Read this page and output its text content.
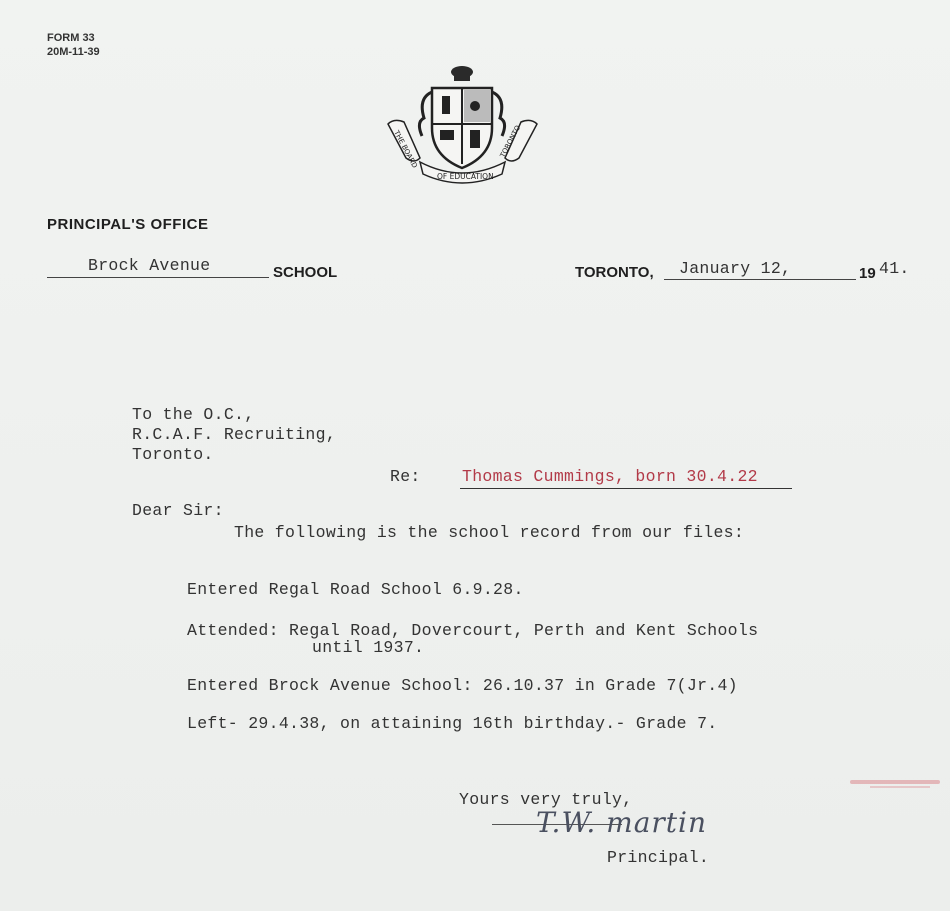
FORM 33
20M-11-39
THE BOARD
OF EDUCATION
TORONTO
PRINCIPAL'S OFFICE
Brock Avenue	SCHOOL	TORONTO, January 12,	19 41.
To the O.C.,
R.C.A.F. Recruiting,
Toronto.
Re:	Thomas Cummings, born 30.4.22
Dear Sir:
The following is the school record from our files:
Entered Regal Road School 6.9.28.
Attended: Regal Road, Dovercourt, Perth and Kent Schools
until 1937.
Entered Brock Avenue School: 26.10.37 in Grade 7(Jr.4)
Left- 29.4.38, on attaining 16th birthday.- Grade 7.
Yours very truly,
T.W. martin
Principal.
